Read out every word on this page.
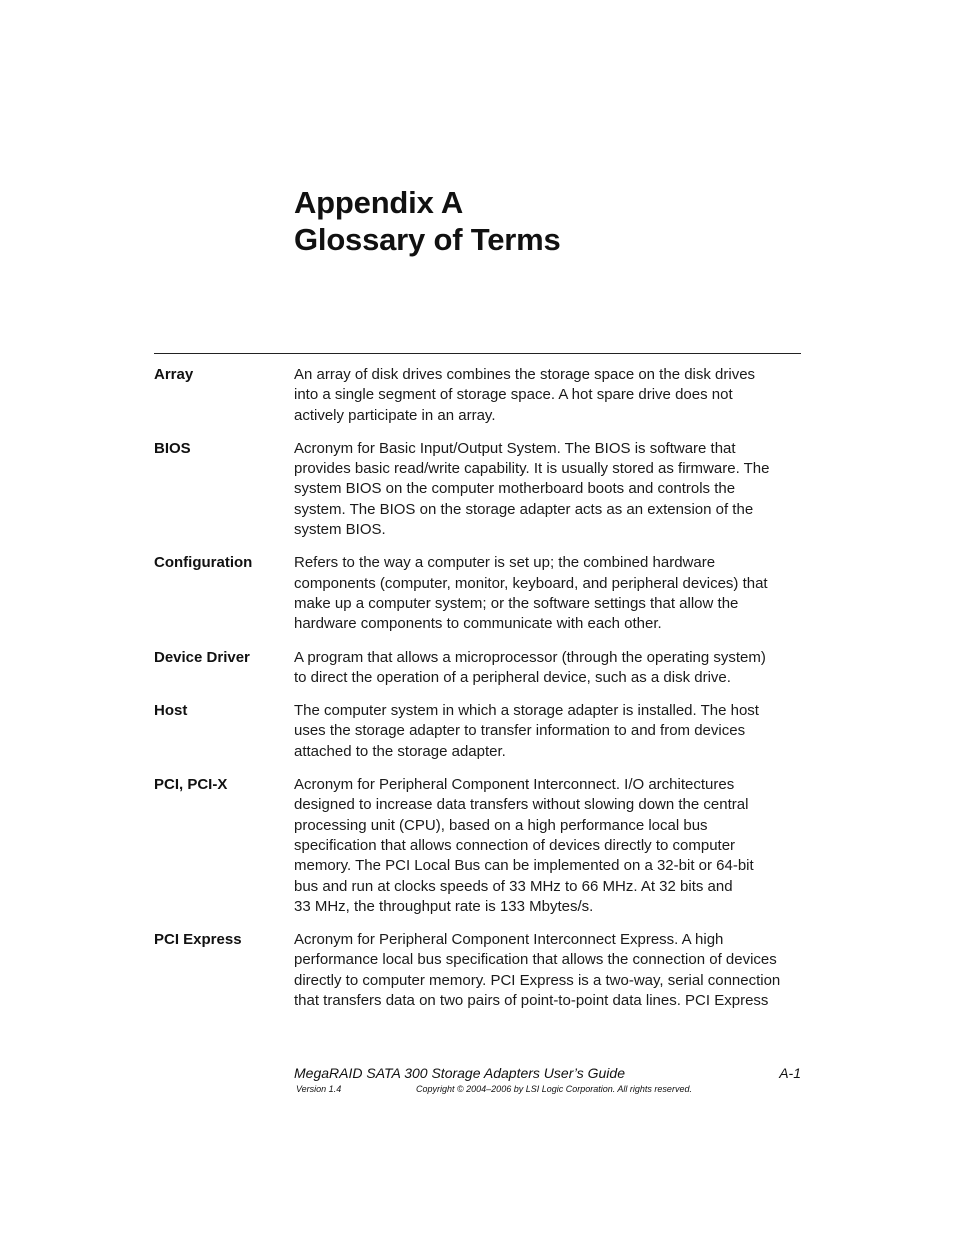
Appendix A
Glossary of Terms
Array	An array of disk drives combines the storage space on the disk drives
into a single segment of storage space. A hot spare drive does not
actively participate in an array.
BIOS	Acronym for Basic Input/Output System. The BIOS is software that
provides basic read/write capability. It is usually stored as firmware. The
system BIOS on the computer motherboard boots and controls the
system. The BIOS on the storage adapter acts as an extension of the
system BIOS.
Configuration	Refers to the way a computer is set up; the combined hardware
components (computer, monitor, keyboard, and peripheral devices) that
make up a computer system; or the software settings that allow the
hardware components to communicate with each other.
Device Driver	A program that allows a microprocessor (through the operating system)
to direct the operation of a peripheral device, such as a disk drive.
Host	The computer system in which a storage adapter is installed. The host
uses the storage adapter to transfer information to and from devices
attached to the storage adapter.
PCI, PCI-X	Acronym for Peripheral Component Interconnect. I/O architectures
designed to increase data transfers without slowing down the central
processing unit (CPU), based on a high performance local bus
specification that allows connection of devices directly to computer
memory. The PCI Local Bus can be implemented on a 32-bit or 64-bit
bus and run at clocks speeds of 33 MHz to 66 MHz. At 32 bits and
33 MHz, the throughput rate is 133 Mbytes/s.
PCI Express	Acronym for Peripheral Component Interconnect Express. A high
performance local bus specification that allows the connection of devices
directly to computer memory. PCI Express is a two-way, serial connection
that transfers data on two pairs of point-to-point data lines. PCI Express
MegaRAID SATA 300 Storage Adapters User’s Guide	A-1
Version 1.4	Copyright © 2004–2006 by LSI Logic Corporation. All rights reserved.
